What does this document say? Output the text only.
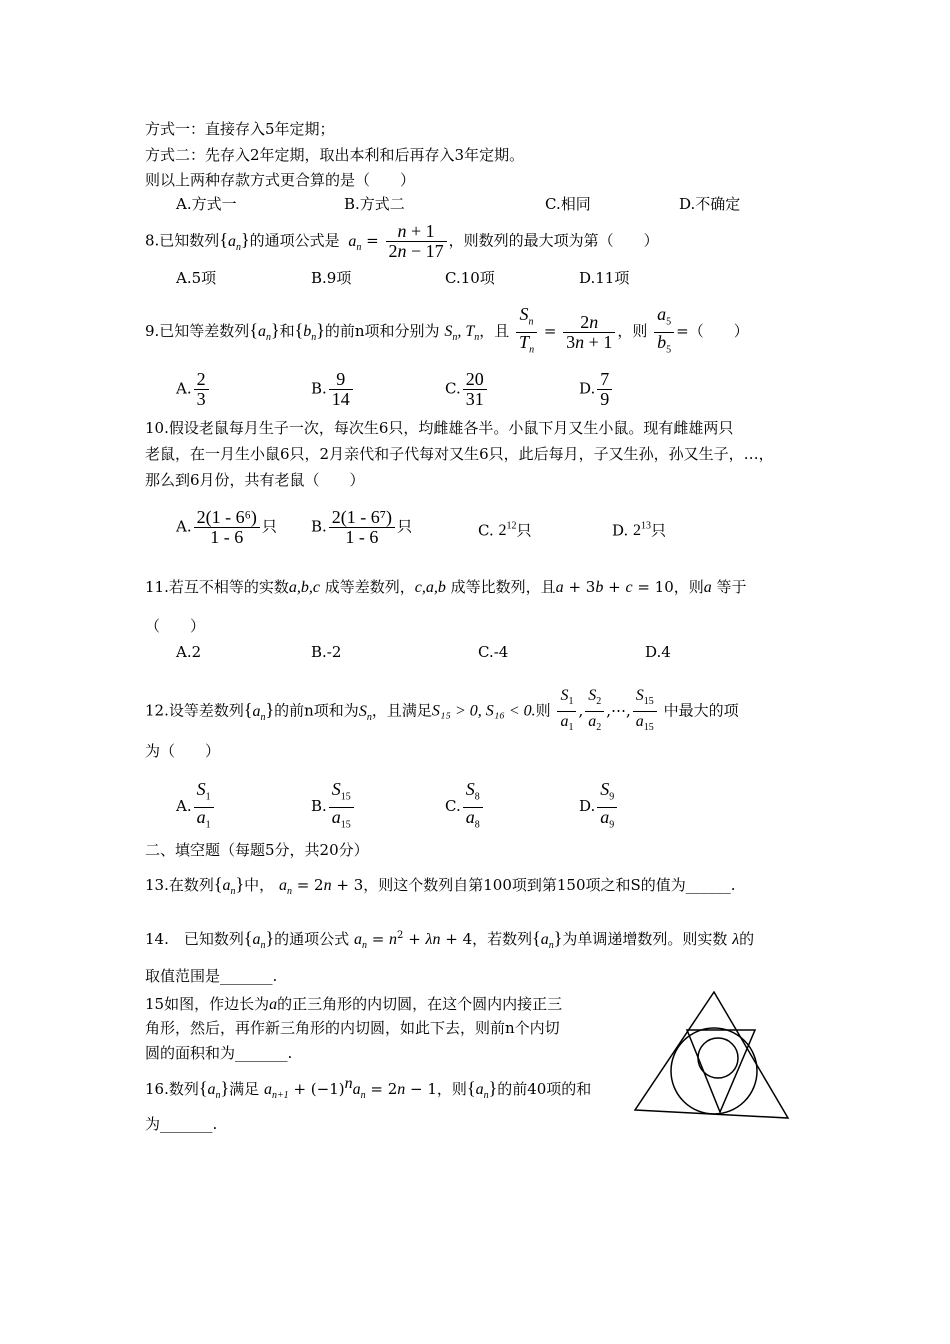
方式一：直接存入5年定期；
方式二：先存入2年定期，取出本利和后再存入3年定期。
则以上两种存款方式更合算的是（　　）
A.方式一	B.方式二	C.相同	D.不确定
8.已知数列$\{a_n\}$的通项公式是 $a_n = \frac{n + 1}{2n - 17}$ ，则数列的最大项为第（　　）
A.5项	B.9项	C.10项	D.11项
9.已知等差数列$\{a_n\}$和$\{b_n\}$的前n项和分别为 $S_n$, $T_n$，且 $\frac{S_n}{T_n} = \frac{2n}{3n + 1}$ ，则 $\frac{a_5}{b_5}$ =（　　）
A. $\frac{2}{3}$	B. $\frac{9}{14}$	C. $\frac{20}{31}$	D. $\frac{7}{9}$
10.假设老鼠每月生子一次，每次生6只，均雌雄各半。小鼠下月又生小鼠。现有雌雄两只
老鼠，在一月生小鼠6只，2月亲代和子代每对又生6只，此后每月，子又生孙，孙又生子，…，
那么到6月份，共有老鼠（　　）
A. $\frac{\text{2(1 - 6⁶)}}{1 - 6}$ 只 B. $\frac{\text{2(1 - 6⁷)}}{1 - 6}$ 只	C. $2^{12}$只	D. $2^{13}$只
11.若互不相等的实数a,b,c 成等差数列，c,a,b 成等比数列，且a + 3b + c = 10，则a 等于
（　　）
A.2	B.-2	C.-4	D.4
12.设等差数列$\{a_n\}$的前n项和为$S_n$，且满足S₁₅ > 0, S₁₆ < 0.则 $\frac{S_1}{a_1}$ , $\frac{S_2}{a_2}$ ,⋯, $\frac{S_{15}}{a_{15}}$ 中最大的项
为（　　）
A. $\frac{S_1}{a_1}$	B. $\frac{S_{15}}{a_{15}}$	C. $\frac{S_8}{a_8}$	D. $\frac{S_9}{a_9}$
二、填空题（每题5分，共20分）
13.在数列$\{a_n\}$中， $a_n = 2n + 3$，则这个数列自第100项到第150项之和S的值为______.
14.　已知数列$\{a_n\}$的通项公式 $a_n = n^2 + \lambda n + 4$，若数列$\{a_n\}$为单调递增数列。则实数 λ的
取值范围是_______.
15如图，作边长为a的正三角形的内切圆，在这个圆内内接正三
角形，然后，再作新三角形的内切圆，如此下去，则前n个内切
圆的面积和为_______.
16.数列$\{a_n\}$满足 $a_{n+1} + (-1)^na_n = 2n - 1$，则$\{a_n\}$的前40项的和
为_______.
